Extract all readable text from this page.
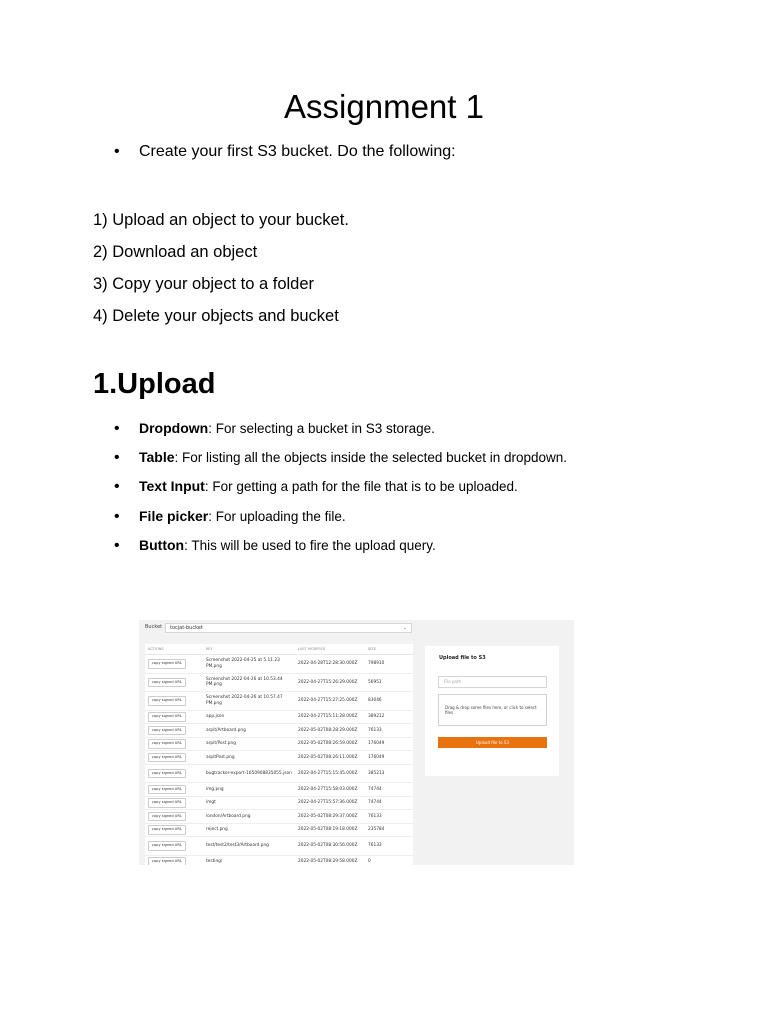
Assignment 1
• Create your first S3 bucket. Do the following:
1) Upload an object to your bucket.
2) Download an object
3) Copy your object to a folder
4) Delete your objects and bucket
1.Upload
• Dropdown: For selecting a bucket in S3 storage.
• Table: For listing all the objects inside the selected bucket in dropdown.
• Text Input: For getting a path for the file that is to be uploaded.
• File picker: For uploading the file.
• Button: This will be used to fire the upload query.
Bucket	tocjat-bucket	⌄
ACTIONS	KEY	LAST MODIFIED	SIZE
copy signed URL	Screenshot 2022-04-25 at 5.11.23 PM.png	2022-04-28T12:28:30.000Z	798910
copy signed URL	Screenshot 2022-04-26 at 10.53.44 PM.png	2022-04-27T15:26:29.000Z	56951
copy signed URL	Screenshot 2022-04-26 at 10.57.47 PM.png	2022-04-27T15:27:25.000Z	83046
copy signed URL	app.json	2022-04-27T15:11:28.000Z	389212
copy signed URL	arpit/Artboard.png	2022-05-02T08:28:29.000Z	76133
copy signed URL	arpit/Post.png	2022-05-02T08:26:59.000Z	176049
copy signed URL	arpitPost.png	2022-05-02T08:26:11.000Z	176049
copy signed URL	bugtracker-export-1650908835055.json	2022-04-27T15:15:45.000Z	385213
copy signed URL	img.png	2022-04-27T15:58:03.000Z	74744
copy signed URL	imgt	2022-04-27T15:57:36.000Z	74744
copy signed URL	london/Artboard.png	2022-05-02T08:29:37.000Z	76133
copy signed URL	reject.png	2022-05-02T08:19:18.000Z	235784
copy signed URL	test/test2/test3/Artboard.png	2022-05-02T08:30:56.000Z	76133
copy signed URL	testing/	2022-05-02T08:29:58.000Z	0
Upload file to S3
File path
Drag & drop some files here, or click to select files
Upload file to S3
